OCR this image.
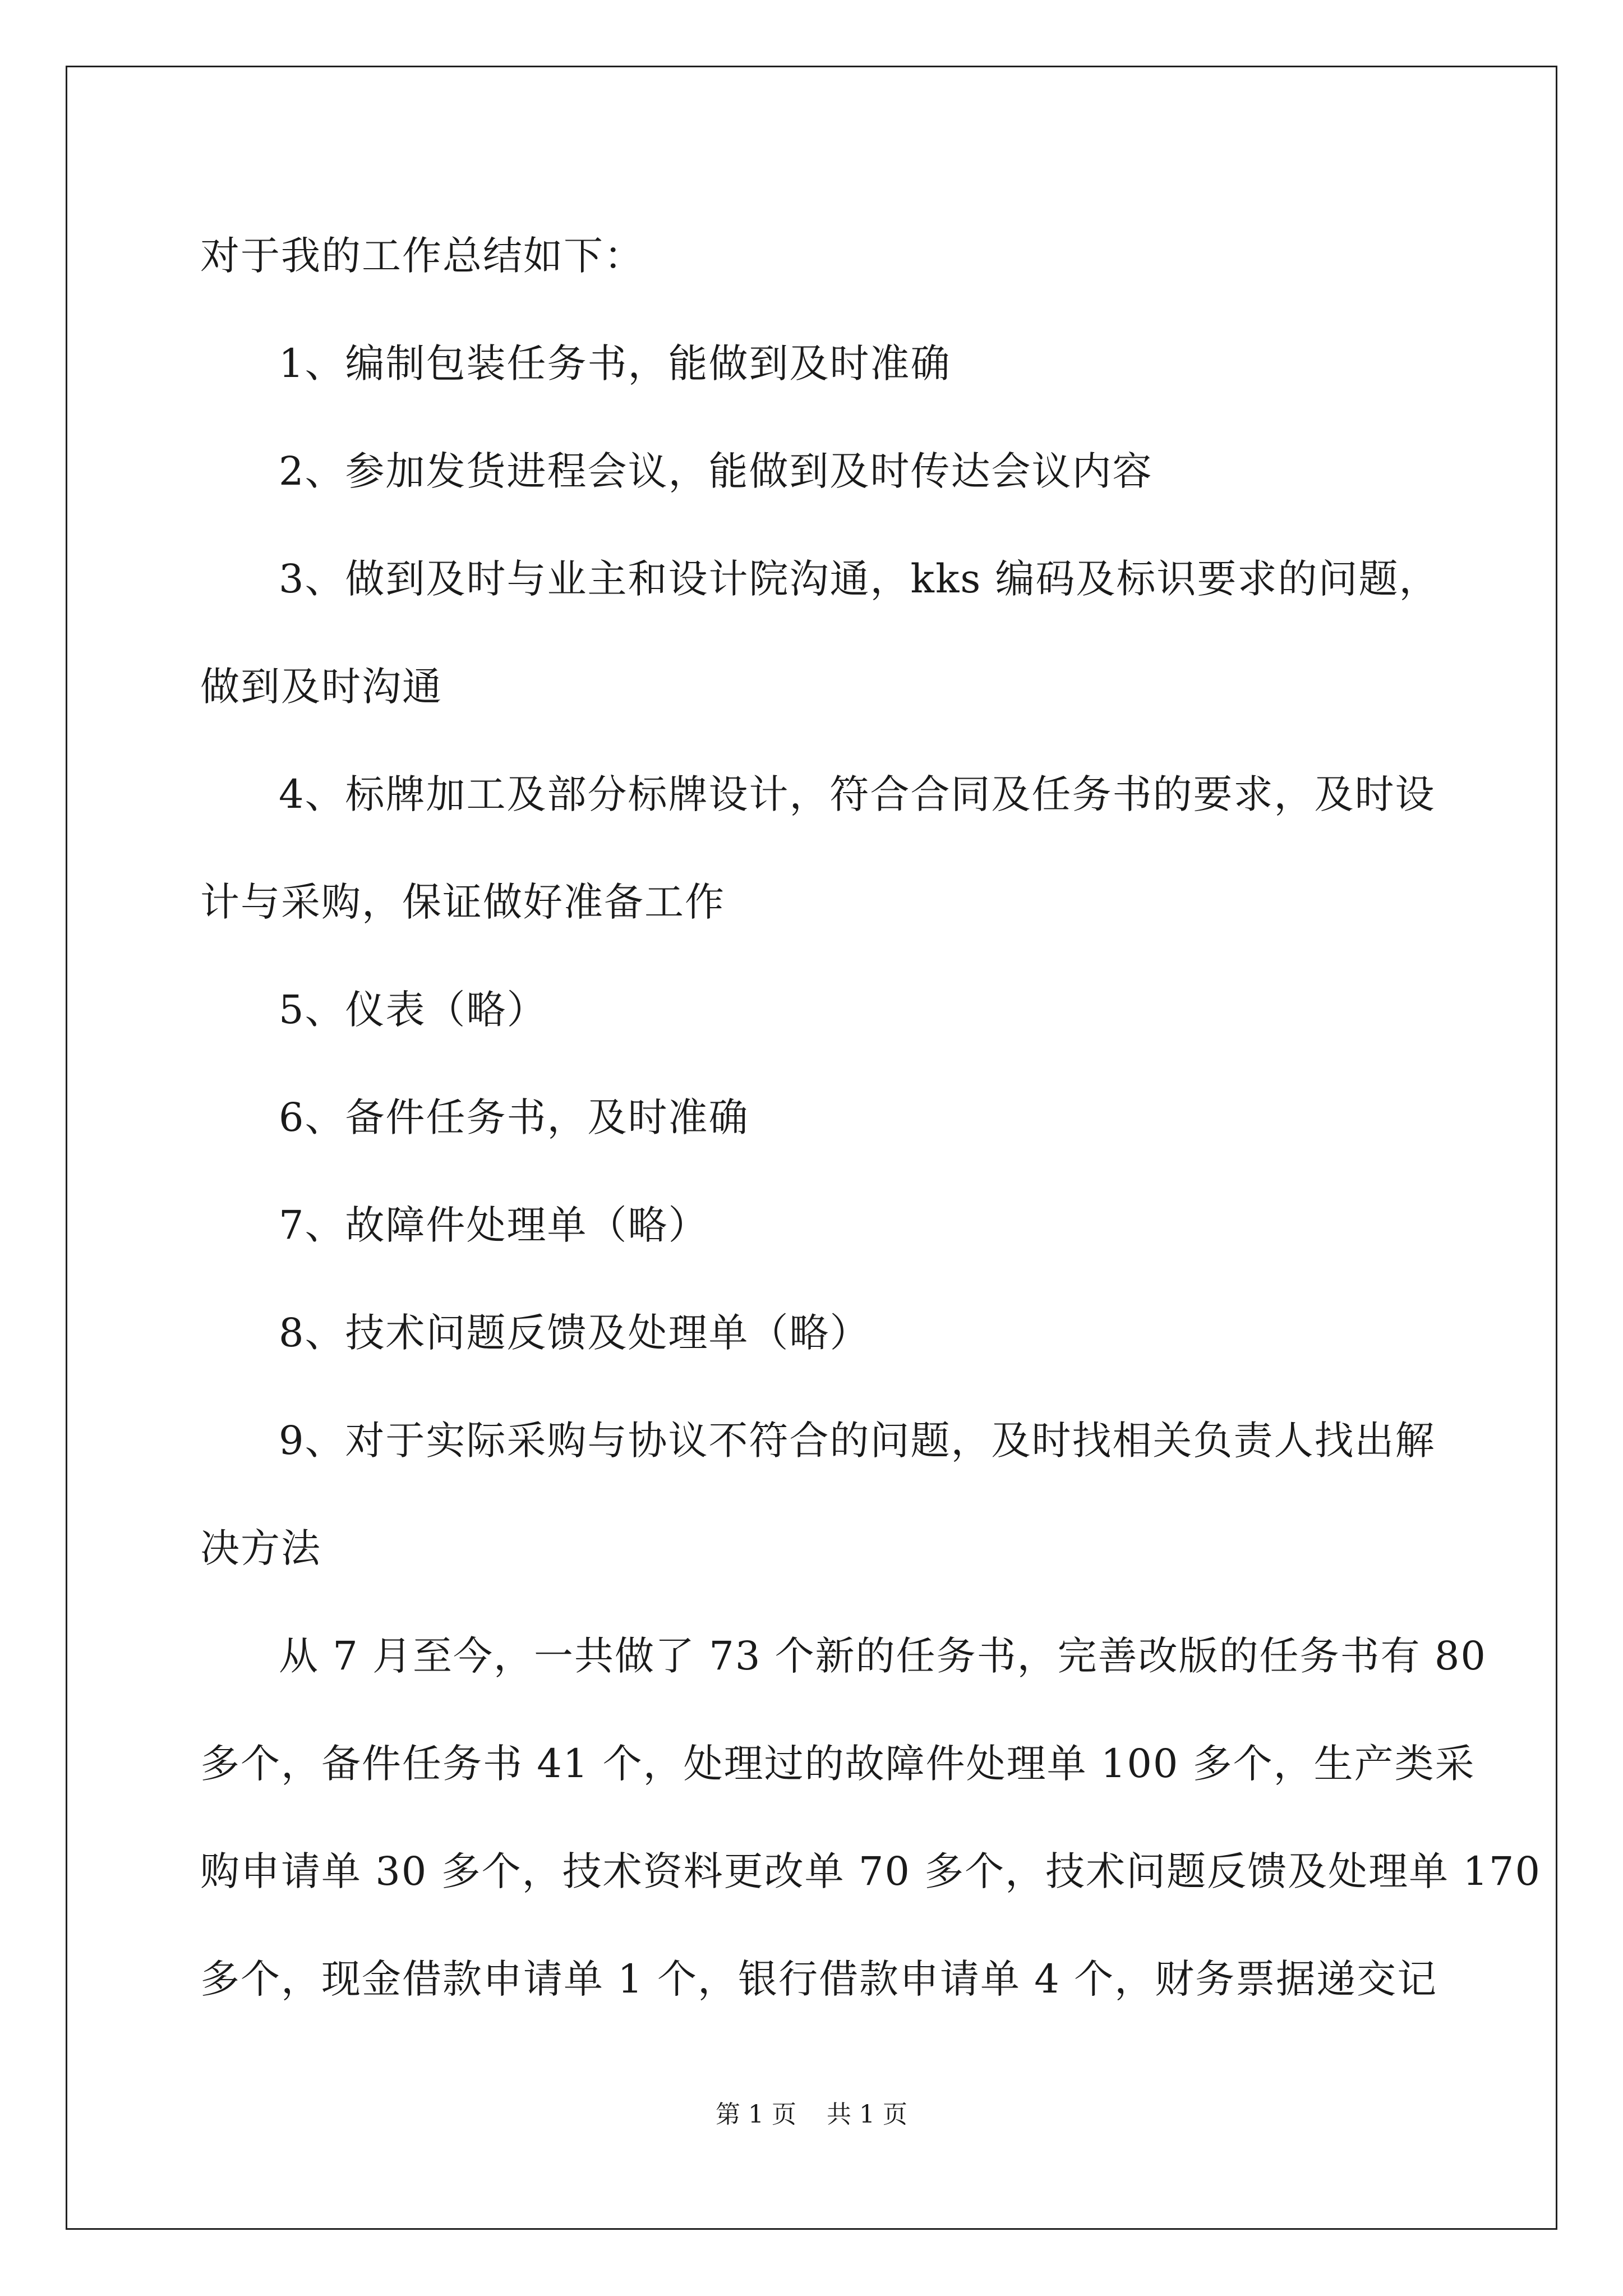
对于我的工作总结如下：
1、编制包装任务书，能做到及时准确
2、参加发货进程会议，能做到及时传达会议内容
3、做到及时与业主和设计院沟通，kks 编码及标识要求的问题，
做到及时沟通
4、标牌加工及部分标牌设计，符合合同及任务书的要求，及时设
计与采购，保证做好准备工作
5、仪表（略）
6、备件任务书，及时准确
7、故障件处理单（略）
8、技术问题反馈及处理单（略）
9、对于实际采购与协议不符合的问题，及时找相关负责人找出解
决方法
从 7 月至今，一共做了 73 个新的任务书，完善改版的任务书有 80
多个，备件任务书 41 个，处理过的故障件处理单 100 多个，生产类采
购申请单 30 多个，技术资料更改单 70 多个，技术问题反馈及处理单 170
多个，现金借款申请单 1 个，银行借款申请单 4 个，财务票据递交记
第 1 页 共 1 页
